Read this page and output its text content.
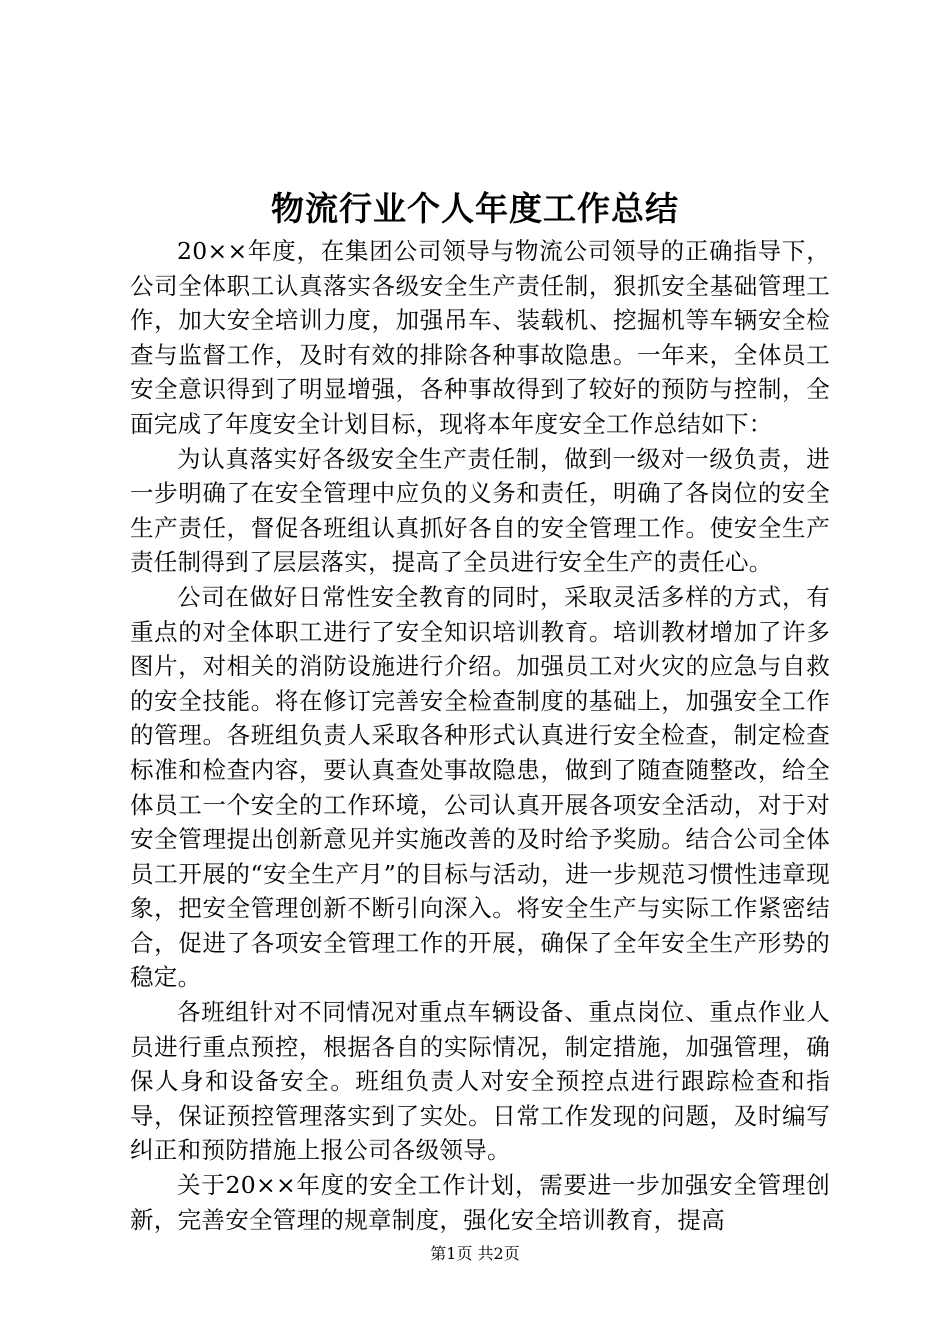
物流行业个人年度工作总结

20××年度，在集团公司领导与物流公司领导的正确指导下，公司全体职工认真落实各级安全生产责任制，狠抓安全基础管理工作，加大安全培训力度，加强吊车、装载机、挖掘机等车辆安全检查与监督工作，及时有效的排除各种事故隐患。一年来，全体员工安全意识得到了明显增强，各种事故得到了较好的预防与控制，全面完成了年度安全计划目标，现将本年度安全工作总结如下：

为认真落实好各级安全生产责任制，做到一级对一级负责，进一步明确了在安全管理中应负的义务和责任，明确了各岗位的安全生产责任，督促各班组认真抓好各自的安全管理工作。使安全生产责任制得到了层层落实，提高了全员进行安全生产的责任心。

公司在做好日常性安全教育的同时，采取灵活多样的方式，有重点的对全体职工进行了安全知识培训教育。培训教材增加了许多图片，对相关的消防设施进行介绍。加强员工对火灾的应急与自救的安全技能。将在修订完善安全检查制度的基础上，加强安全工作的管理。各班组负责人采取各种形式认真进行安全检查，制定检查标准和检查内容，要认真查处事故隐患，做到了随查随整改，给全体员工一个安全的工作环境，公司认真开展各项安全活动，对于对安全管理提出创新意见并实施改善的及时给予奖励。结合公司全体员工开展的“安全生产月”的目标与活动，进一步规范习惯性违章现象，把安全管理创新不断引向深入。将安全生产与实际工作紧密结合，促进了各项安全管理工作的开展，确保了全年安全生产形势的稳定。

各班组针对不同情况对重点车辆设备、重点岗位、重点作业人员进行重点预控，根据各自的实际情况，制定措施，加强管理，确保人身和设备安全。班组负责人对安全预控点进行跟踪检查和指导，保证预控管理落实到了实处。日常工作发现的问题，及时编写纠正和预防措施上报公司各级领导。

关于20××年度的安全工作计划，需要进一步加强安全管理创新，完善安全管理的规章制度，强化安全培训教育，提高

第1页 共2页
